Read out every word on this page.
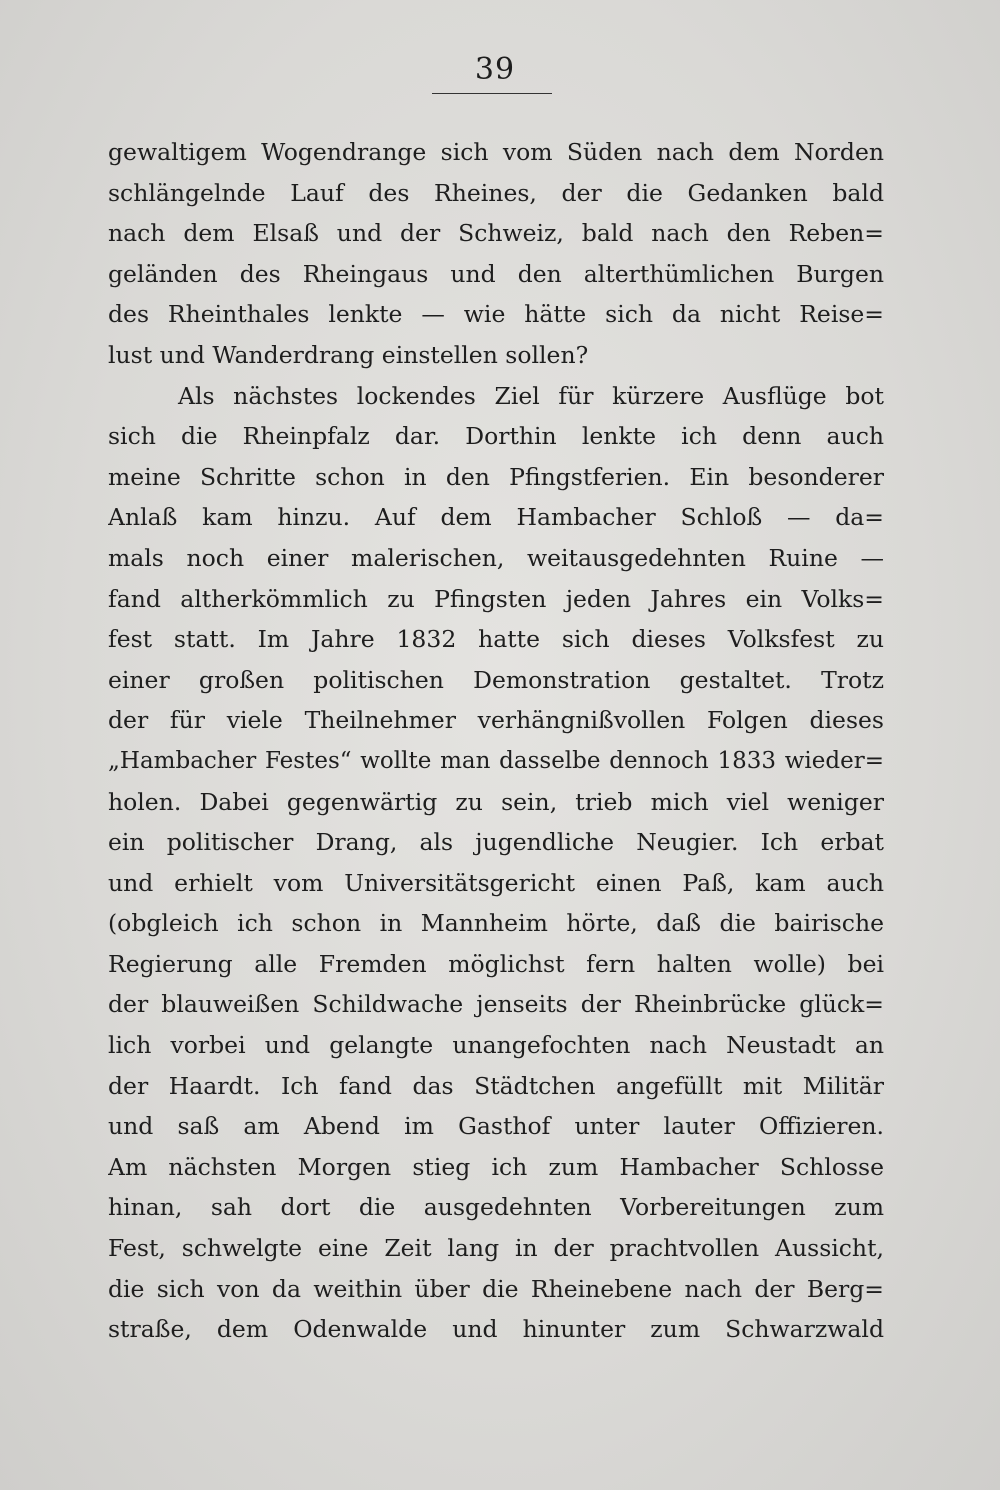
39
gewaltigem Wogendrange sich vom Süden nach dem Norden
schlängelnde Lauf des Rheines, der die Gedanken bald
nach dem Elsaß und der Schweiz, bald nach den Reben=
geländen des Rheingaus und den alterthümlichen Burgen
des Rheinthales lenkte — wie hätte sich da nicht Reise=
lust und Wanderdrang einstellen sollen?
Als nächstes lockendes Ziel für kürzere Ausflüge bot
sich die Rheinpfalz dar. Dorthin lenkte ich denn auch
meine Schritte schon in den Pfingstferien. Ein besonderer
Anlaß kam hinzu. Auf dem Hambacher Schloß — da=
mals noch einer malerischen, weitausgedehnten Ruine —
fand altherkömmlich zu Pfingsten jeden Jahres ein Volks=
fest statt. Im Jahre 1832 hatte sich dieses Volksfest zu
einer großen politischen Demonstration gestaltet. Trotz
der für viele Theilnehmer verhängnißvollen Folgen dieses
„Hambacher Festes“ wollte man dasselbe dennoch 1833 wieder=
holen. Dabei gegenwärtig zu sein, trieb mich viel weniger
ein politischer Drang, als jugendliche Neugier. Ich erbat
und erhielt vom Universitätsgericht einen Paß, kam auch
(obgleich ich schon in Mannheim hörte, daß die bairische
Regierung alle Fremden möglichst fern halten wolle) bei
der blauweißen Schildwache jenseits der Rheinbrücke glück=
lich vorbei und gelangte unangefochten nach Neustadt an
der Haardt. Ich fand das Städtchen angefüllt mit Militär
und saß am Abend im Gasthof unter lauter Offizieren.
Am nächsten Morgen stieg ich zum Hambacher Schlosse
hinan, sah dort die ausgedehnten Vorbereitungen zum
Fest, schwelgte eine Zeit lang in der prachtvollen Aussicht,
die sich von da weithin über die Rheinebene nach der Berg=
straße, dem Odenwalde und hinunter zum Schwarzwald
